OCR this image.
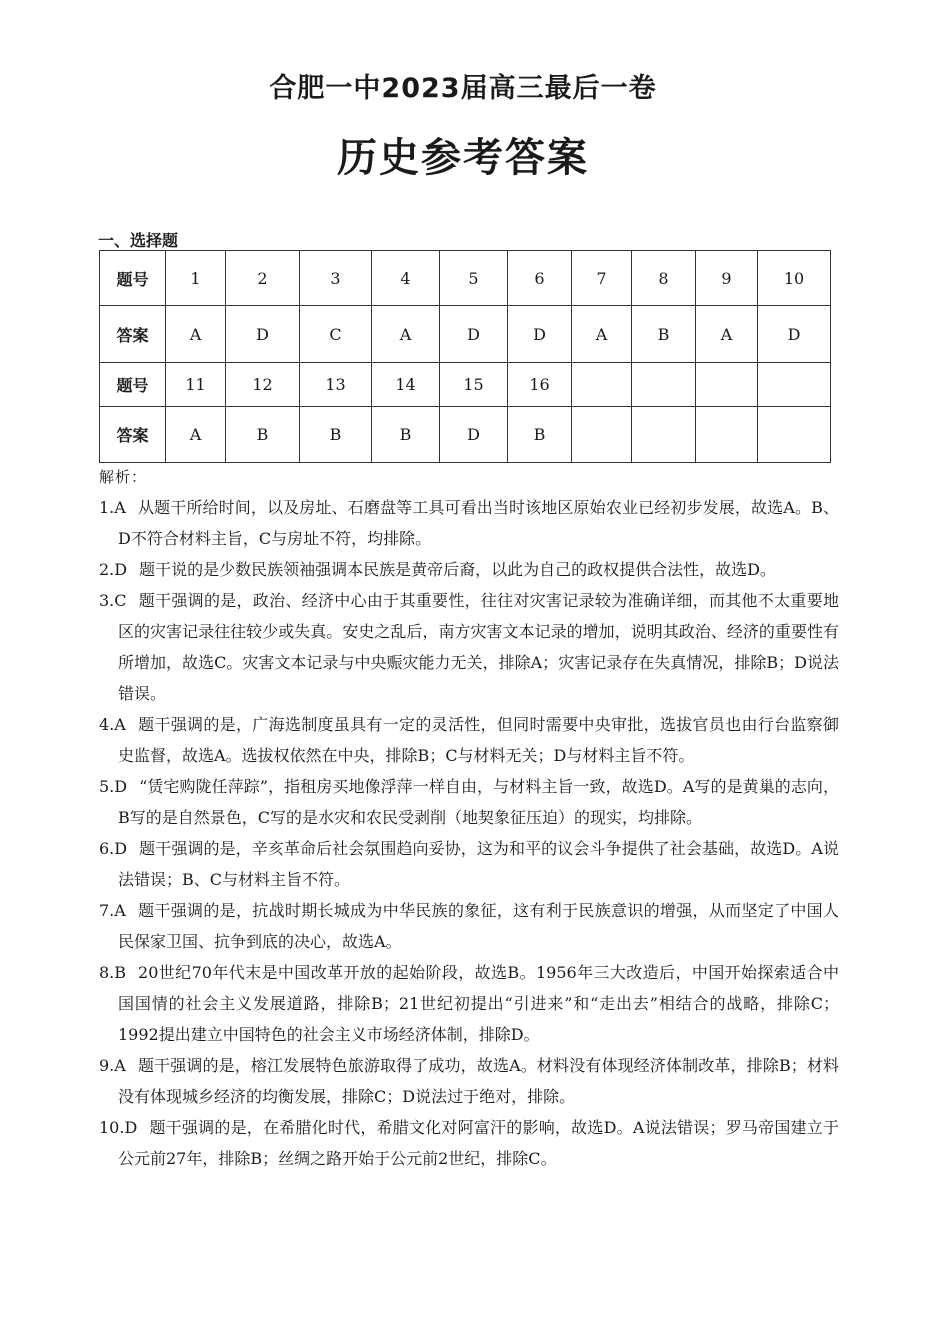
合肥一中2023届高三最后一卷
历史参考答案
一、选择题
题号	1	2	3	4	5	6	7	8	9	10
答案	A	D	C	A	D	D	A	B	A	D
题号	11	12	13	14	15	16				
答案	A	B	B	B	D	B				
解析：

1.A 从题干所给时间，以及房址、石磨盘等工具可看出当时该地区原始农业已经初步发展，故选A。B、D不符合材料主旨，C与房址不符，均排除。

2.D 题干说的是少数民族领袖强调本民族是黄帝后裔，以此为自己的政权提供合法性，故选D。

3.C 题干强调的是，政治、经济中心由于其重要性，往往对灾害记录较为准确详细，而其他不太重要地区的灾害记录往往较少或失真。安史之乱后，南方灾害文本记录的增加，说明其政治、经济的重要性有所增加，故选C。灾害文本记录与中央赈灾能力无关，排除A；灾害记录存在失真情况，排除B；D说法错误。

4.A 题干强调的是，广海选制度虽具有一定的灵活性，但同时需要中央审批，选拔官员也由行台监察御史监督，故选A。选拔权依然在中央，排除B；C与材料无关；D与材料主旨不符。

5.D “赁宅购陇任萍踪”，指租房买地像浮萍一样自由，与材料主旨一致，故选D。A写的是黄巢的志向，B写的是自然景色，C写的是水灾和农民受剥削（地契象征压迫）的现实，均排除。

6.D 题干强调的是，辛亥革命后社会氛围趋向妥协，这为和平的议会斗争提供了社会基础，故选D。A说法错误；B、C与材料主旨不符。

7.A 题干强调的是，抗战时期长城成为中华民族的象征，这有利于民族意识的增强，从而坚定了中国人民保家卫国、抗争到底的决心，故选A。

8.B 20世纪70年代末是中国改革开放的起始阶段，故选B。1956年三大改造后，中国开始探索适合中国国情的社会主义发展道路，排除B；21世纪初提出“引进来”和“走出去”相结合的战略，排除C；1992提出建立中国特色的社会主义市场经济体制，排除D。

9.A 题干强调的是，榕江发展特色旅游取得了成功，故选A。材料没有体现经济体制改革，排除B；材料没有体现城乡经济的均衡发展，排除C；D说法过于绝对，排除。

10.D 题干强调的是，在希腊化时代，希腊文化对阿富汗的影响，故选D。A说法错误；罗马帝国建立于公元前27年，排除B；丝绸之路开始于公元前2世纪，排除C。
